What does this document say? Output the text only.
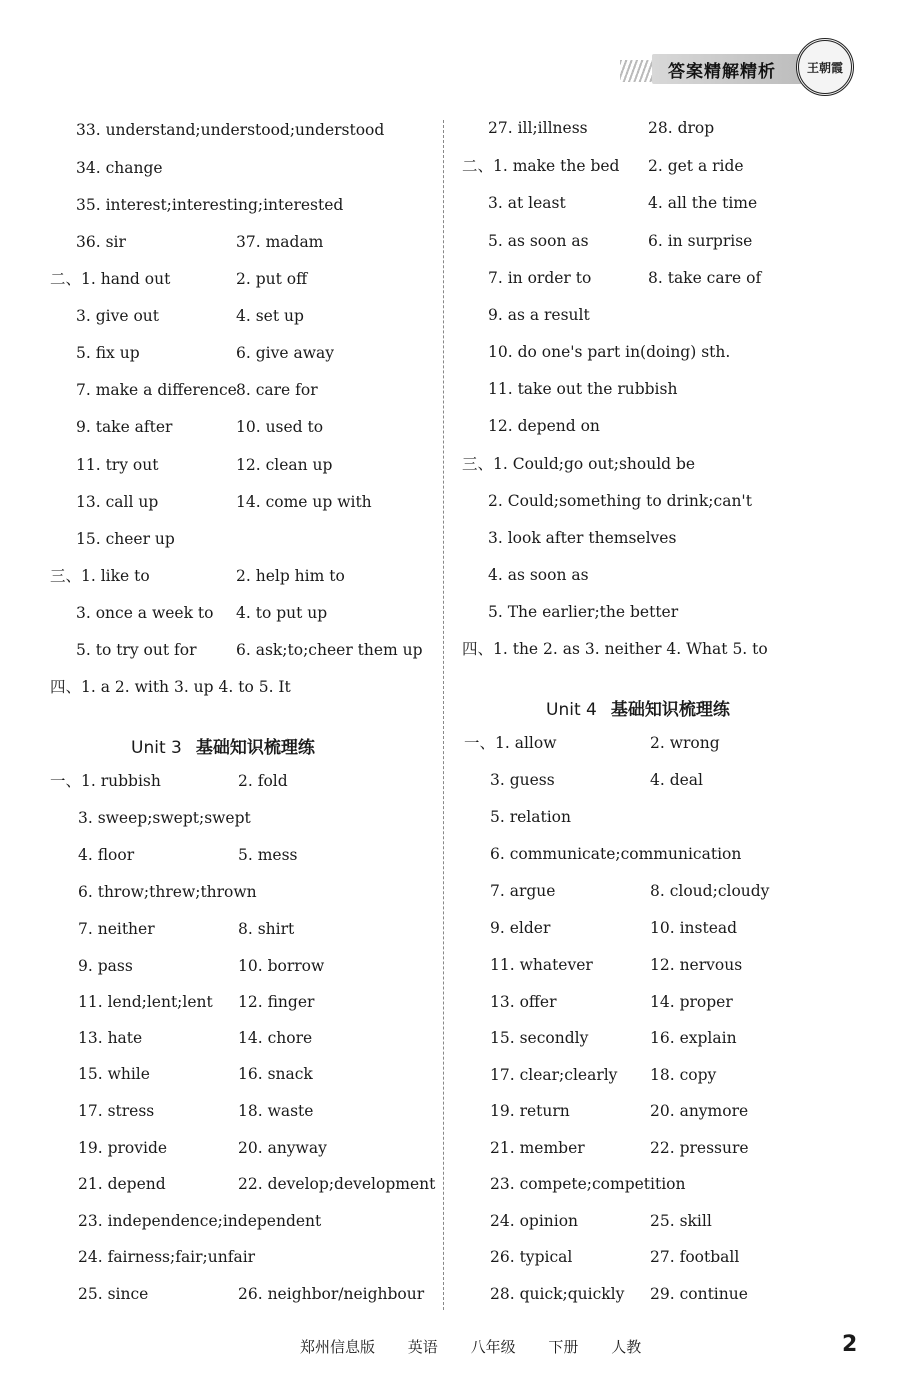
答案精解精析	王朝霞
33. understand;understood;understood
34. change
35. interest;interesting;interested
36. sir	37. madam
二、1. hand out	2. put off
3. give out	4. set up
5. fix up	6. give away
7. make a difference 8. care for
9. take after	10. used to
11. try out	12. clean up
13. call up	14. come up with
15. cheer up
三、1. like to	2. help him to
3. once a week to 4. to put up
5. to try out for	6. ask;to;cheer them up
四、1. a 2. with 3. up 4. to 5. It
一、1. rubbish	2. fold
3. sweep;swept;swept
4. floor	5. mess
6. throw;threw;thrown
7. neither	8. shirt
9. pass	10. borrow
11. lend;lent;lent 12. finger
13. hate	14. chore
15. while	16. snack
17. stress	18. waste
19. provide	20. anyway
21. depend	22. develop;development
23. independence;independent
24. fairness;fair;unfair
25. since	26. neighbor/neighbour
27. ill;illness	28. drop
二、1. make the bed 2. get a ride
3. at least	4. all the time
5. as soon as	6. in surprise
7. in order to	8. take care of
9. as a result
10. do one's part in(doing) sth.
11. take out the rubbish
12. depend on
三、1. Could;go out;should be
2. Could;something to drink;can't
3. look after themselves
4. as soon as
5. The earlier;the better
四、1. the 2. as 3. neither 4. What 5. to
一、1. allow	2. wrong
3. guess	4. deal
5. relation
6. communicate;communication
7. argue	8. cloud;cloudy
9. elder	10. instead
11. whatever	12. nervous
13. offer	14. proper
15. secondly	16. explain
17. clear;clearly 18. copy
19. return	20. anymore
21. member	22. pressure
23. compete;competition
24. opinion	25. skill
26. typical	27. football
28. quick;quickly 29. continue
Unit 3 基础知识梳理练
Unit 4 基础知识梳理练
郑州信息版 英语 八年级 下册 人教	2
